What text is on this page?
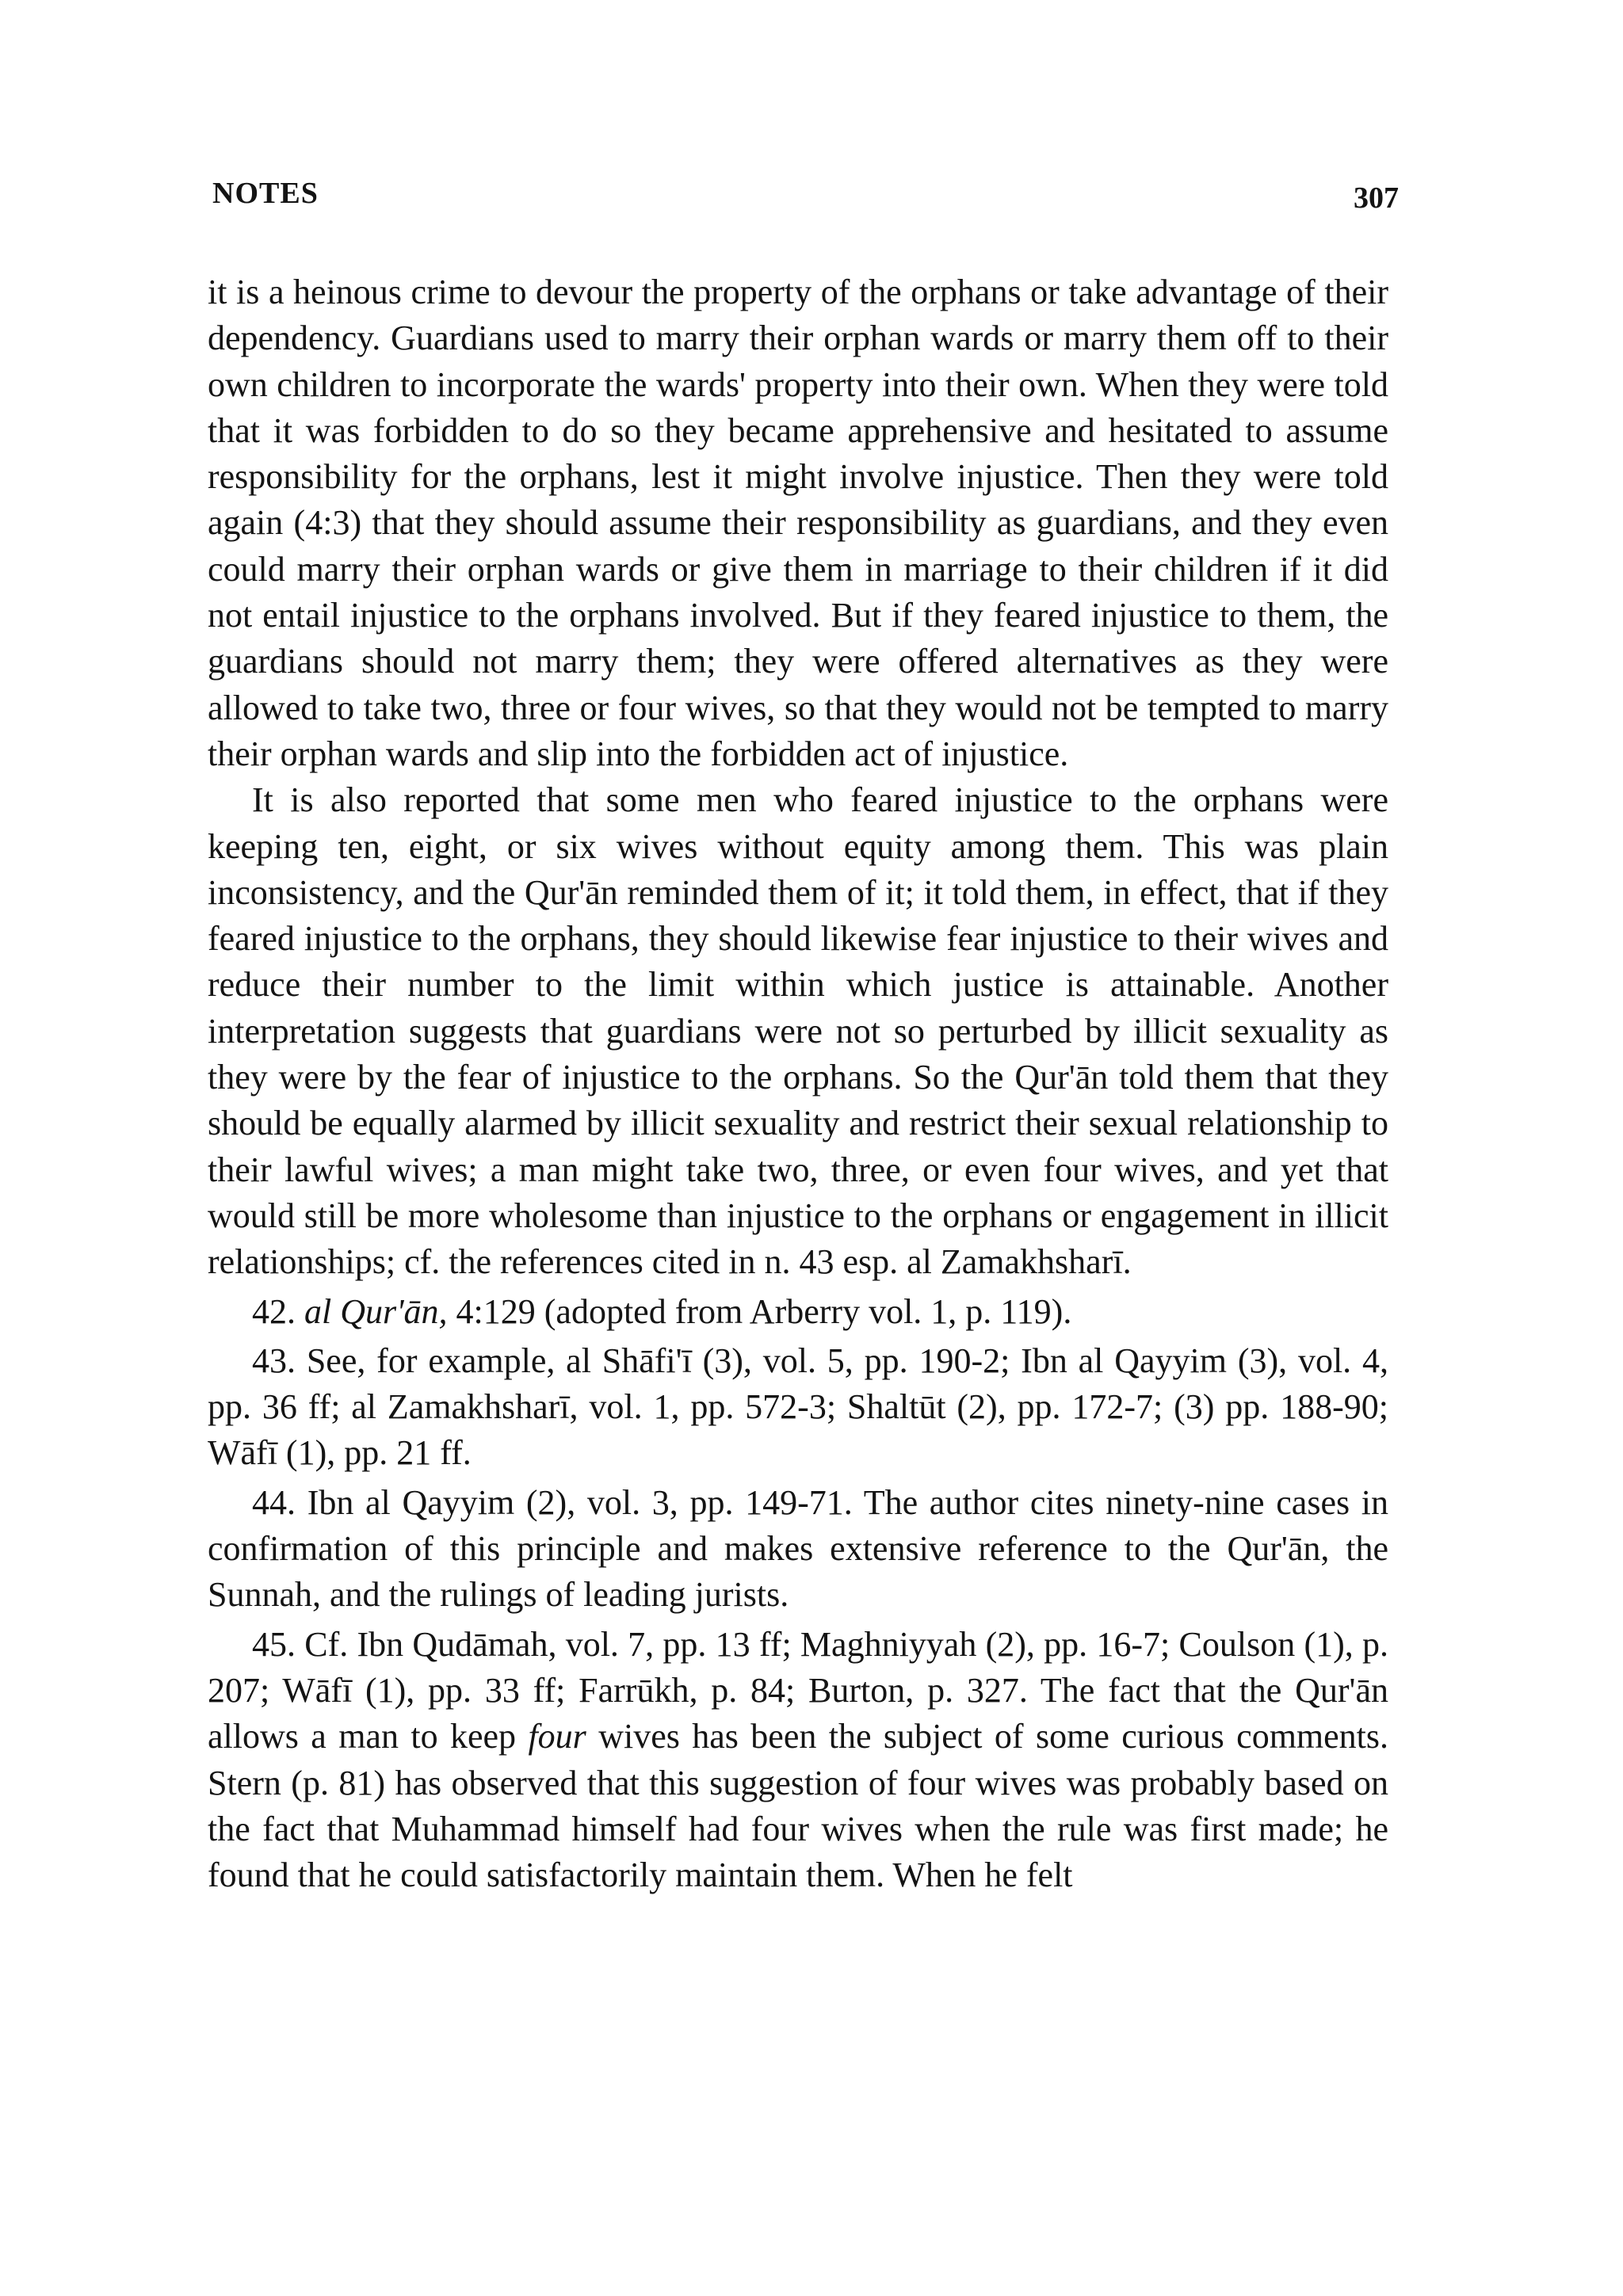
NOTES	307

it is a heinous crime to devour the property of the orphans or take advantage of their dependency. Guardians used to marry their orphan wards or marry them off to their own children to incorporate the wards' property into their own. When they were told that it was forbidden to do so they became apprehensive and hesitated to assume responsibility for the orphans, lest it might involve injustice. Then they were told again (4:3) that they should assume their responsibility as guardians, and they even could marry their orphan wards or give them in marriage to their children if it did not entail injustice to the orphans involved. But if they feared injustice to them, the guardians should not marry them; they were offered alternatives as they were allowed to take two, three or four wives, so that they would not be tempted to marry their orphan wards and slip into the forbidden act of injustice.

It is also reported that some men who feared injustice to the orphans were keeping ten, eight, or six wives without equity among them. This was plain inconsistency, and the Qur'ān reminded them of it; it told them, in effect, that if they feared injustice to the orphans, they should likewise fear injustice to their wives and reduce their number to the limit within which justice is attainable. Another interpretation suggests that guardians were not so perturbed by illicit sexuality as they were by the fear of injustice to the orphans. So the Qur'ān told them that they should be equally alarmed by illicit sexuality and restrict their sexual relationship to their lawful wives; a man might take two, three, or even four wives, and yet that would still be more wholesome than injustice to the orphans or engagement in illicit relationships; cf. the references cited in n. 43 esp. al Zamakhsharī.

42. al Qur'ān, 4:129 (adopted from Arberry vol. 1, p. 119).

43. See, for example, al Shāfi'ī (3), vol. 5, pp. 190-2; Ibn al Qayyim (3), vol. 4, pp. 36 ff; al Zamakhsharī, vol. 1, pp. 572-3; Shaltūt (2), pp. 172-7; (3) pp. 188-90; Wāfī (1), pp. 21 ff.

44. Ibn al Qayyim (2), vol. 3, pp. 149-71. The author cites ninety-nine cases in confirmation of this principle and makes extensive reference to the Qur'ān, the Sunnah, and the rulings of leading jurists.

45. Cf. Ibn Qudāmah, vol. 7, pp. 13 ff; Maghniyyah (2), pp. 16-7; Coulson (1), p. 207; Wāfī (1), pp. 33 ff; Farrūkh, p. 84; Burton, p. 327. The fact that the Qur'ān allows a man to keep four wives has been the subject of some curious comments. Stern (p. 81) has observed that this suggestion of four wives was probably based on the fact that Muhammad himself had four wives when the rule was first made; he found that he could satisfactorily maintain them. When he felt
